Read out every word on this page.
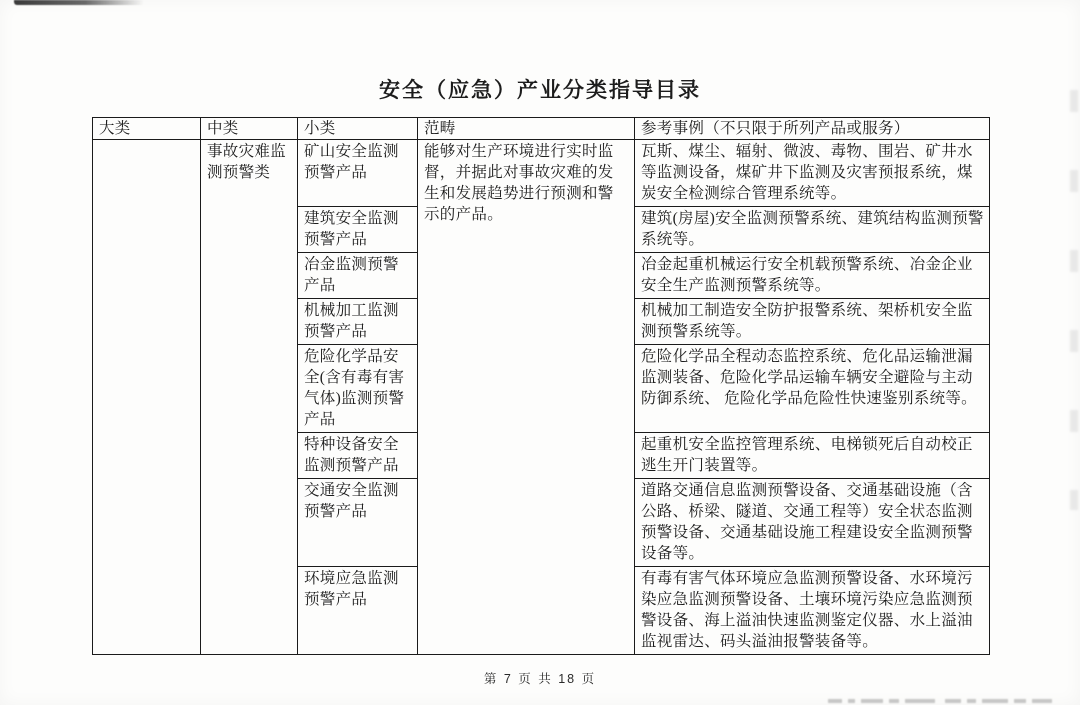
安全（应急）产业分类指导目录
大类	中类	小类	范畴	参考事例（不只限于所列产品或服务）
	事故灾难监测预警类	矿山安全监测预警产品	能够对生产环境进行实时监督，并据此对事故灾难的发生和发展趋势进行预测和警示的产品。	瓦斯、煤尘、辐射、微波、毒物、围岩、矿井水等监测设备，煤矿井下监测及灾害预报系统，煤炭安全检测综合管理系统等。
		建筑安全监测预警产品		建筑(房屋)安全监测预警系统、建筑结构监测预警系统等。
		冶金监测预警产品		冶金起重机械运行安全机载预警系统、冶金企业安全生产监测预警系统等。
		机械加工监测预警产品		机械加工制造安全防护报警系统、架桥机安全监测预警系统等。
		危险化学品安全(含有毒有害气体)监测预警产品		危险化学品全程动态监控系统、危化品运输泄漏监测装备、危险化学品运输车辆安全避险与主动防御系统、 危险化学品危险性快速鉴别系统等。
		特种设备安全监测预警产品		起重机安全监控管理系统、电梯锁死后自动校正逃生开门装置等。
		交通安全监测预警产品		道路交通信息监测预警设备、交通基础设施（含公路、桥梁、隧道、交通工程等）安全状态监测预警设备、交通基础设施工程建设安全监测预警设备等。
		环境应急监测预警产品		有毒有害气体环境应急监测预警设备、水环境污染应急监测预警设备、土壤环境污染应急监测预警设备、海上溢油快速监测鉴定仪器、水上溢油监视雷达、码头溢油报警装备等。
第 7 页 共 18 页
